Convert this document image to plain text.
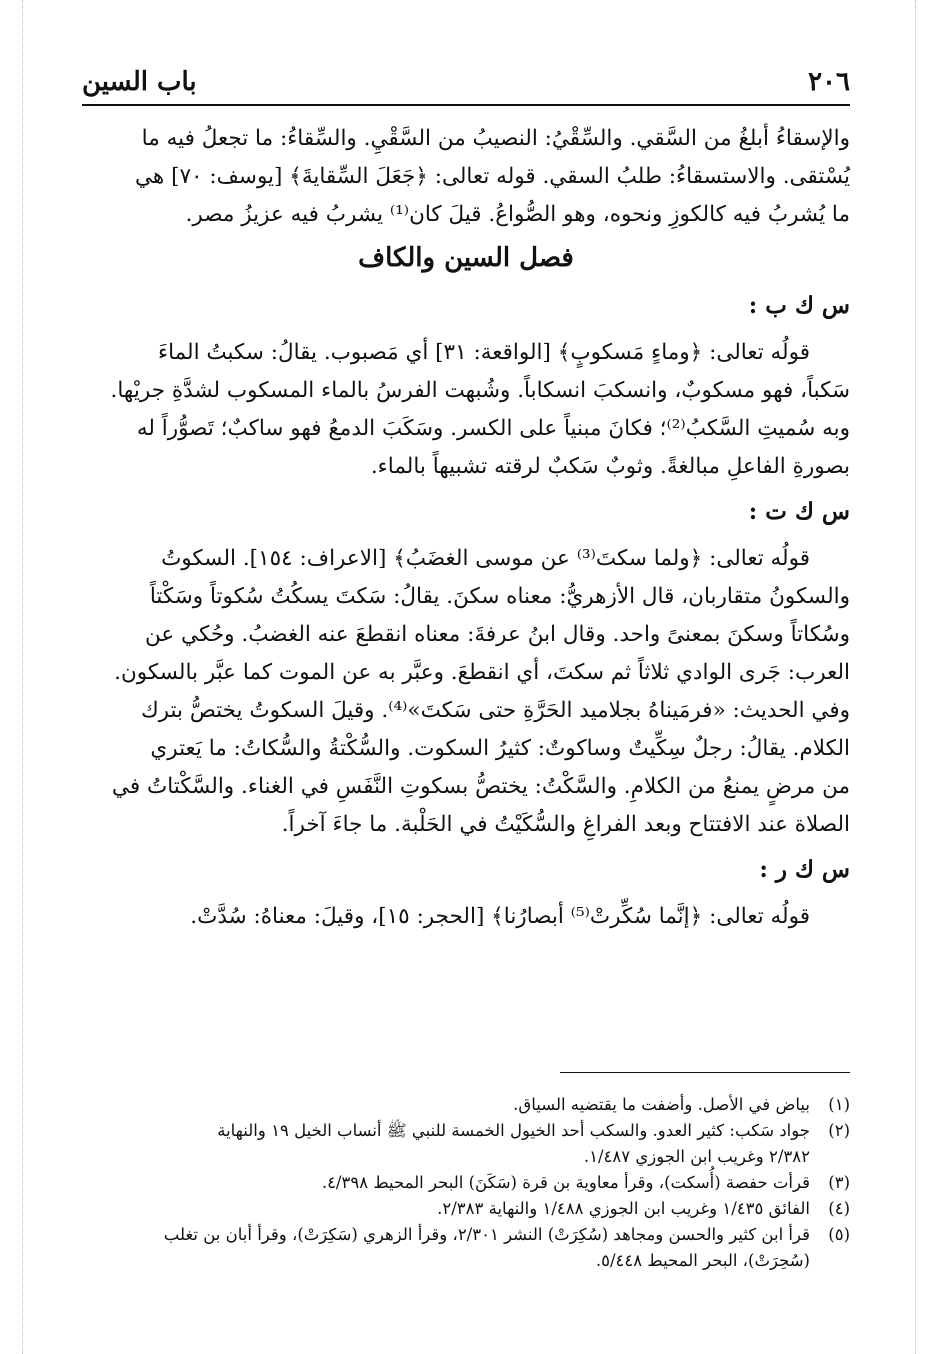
٢٠٦
باب السين

والإسقاءُ أبلغُ من السَّقي. والسِّقْيُ: النصيبُ من السَّقْيِ. والسِّقاءُ: ما تجعلُ فيه ما

يُسْتقى. والاستسقاءُ: طلبُ السقي. قوله تعالى: ﴿جَعَلَ السِّقايةَ﴾ [يوسف: ٧٠] هي

ما يُشربُ فيه كالكوزِ ونحوه، وهو الصُّواعُ. قيلَ كان⁽¹⁾ يشربُ فيه عزيزُ مصر.

فصل السين والكاف
س ك ب :

قولُه تعالى: ﴿وماءٍ مَسكوبٍ﴾ [الواقعة: ٣١] أي مَصبوب. يقالُ: سكبتُ الماءَ

سَكباً، فهو مسكوبٌ، وانسكبَ انسكاباً. وشُبهت الفرسُ بالماء المسكوب لشدَّةِ جريْها.

وبه سُميتِ السَّكبُ⁽²⁾؛ فكانَ مبنياً على الكسر. وسَكَبَ الدمعُ فهو ساكبٌ؛ تَصوُّراً له

بصورةِ الفاعلِ مبالغةً. وثوبٌ سَكبٌ لرقته تشبيهاً بالماء.

س ك ت :

قولُه تعالى: ﴿ولما سكتَ⁽³⁾ عن موسى الغضَبُ﴾ [الاعراف: ١٥٤]. السكوتُ

والسكونُ متقاربان، قال الأزهريُّ: معناه سكنَ. يقالُ: سَكتَ يسكُتُ سُكوتاً وسَكْتاً

وسُكاتاً وسكنَ بمعنىً واحد. وقال ابنُ عرفةَ: معناه انقطعَ عنه الغضبُ. وحُكي عن

العرب: جَرى الوادي ثلاثاً ثم سكتَ، أي انقطعَ. وعبَّر به عن الموت كما عبَّر بالسكون.

وفي الحديث: «فرمَيناهُ بجلاميد الحَرَّةِ حتى سَكتَ»⁽⁴⁾. وقيلَ السكوتُ يختصُّ بترك

الكلام. يقالُ: رجلٌ سِكِّيتٌ وساكوتٌ: كثيرُ السكوت. والسُّكْتةُ والسُّكاتُ: ما يَعتري

من مرضٍ يمنعُ من الكلامِ. والسَّكْتُ: يختصُّ بسكوتِ النَّفَسِ في الغناء. والسَّكْتاتُ في

الصلاة عند الافتتاح وبعد الفراغِ والسُّكَيْتُ في الحَلْبة. ما جاءَ آخراً.

س ك ر :

قولُه تعالى: ﴿إنَّما سُكِّرتْ⁽⁵⁾ أبصارُنا﴾ [الحجر: ١٥]، وقيلَ: معناهُ: سُدَّتْ.

(١)
بياض في الأصل. وأضفت ما يقتضيه السياق.
(٢)
جواد سَكب: كثير العدو. والسكب أحد الخيول الخمسة للنبي ﷺ أنساب الخيل ١٩ والنهاية
٢/٣٨٢ وغريب ابن الجوزي ١/٤٨٧.
(٣)
قرأت حفصة (أُسكت)، وقرأ معاوية بن قرة (سَكَنَ) البحر المحيط ٤/٣٩٨.
(٤)
الفائق ١/٤٣٥ وغريب ابن الجوزي ١/٤٨٨ والنهاية ٢/٣٨٣.
(٥)
قرأ ابن كثير والحسن ومجاهد (سُكِرَتْ) النشر ٢/٣٠١، وقرأ الزهري (سَكِرَتْ)، وقرأ أبان بن تغلب
(سُحِرَتْ)، البحر المحيط ٥/٤٤٨.
